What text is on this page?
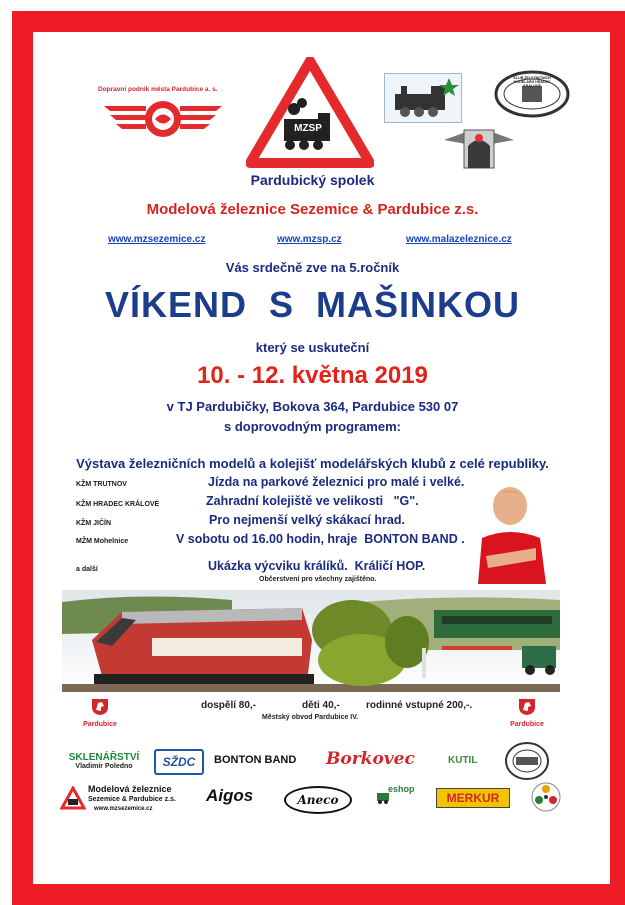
Dopravní podnik města Pardubice a. s.
MZSP
KLUB ŽELEZNIČNÍCH MODELÁŘŮ HRADEC KRÁLOVÉ
Pardubický spolek
Modelová železnice Sezemice & Pardubice z.s.
www.mzsezemice.cz	www.mzsp.cz	www.malazeleznice.cz
Vás srdečně zve na 5.ročník
VÍKEND  S  MAŠINKOU
který se uskuteční
10. - 12. května 2019
v TJ Pardubičky, Bokova 364, Pardubice 530 07
s doprovodným programem:
Výstava železničních modelů a kolejišť modelářských klubů z celé republiky.
KŽM TRUTNOV	Jízda na parkové železnici pro malé i velké.
KŽM HRADEC KRÁLOVÉ	Zahradní kolejiště ve velikosti   "G".
KŽM JIČÍN	Pro nejmenší velký skákací hrad.
MŽM Mohelnice	V sobotu od 16.00 hodin, hraje  BONTON BAND .
a další	Ukázka výcviku králíků.  Králičí HOP.
Občerstvení pro všechny zajištěno.
Pardubice	Pardubice
dospělí 80,-	děti 40,-	rodinné vstupné 200,-.
Městský obvod Pardubice IV.
SKLENÁŘSTVÍ
Vladimír Poledno	SŽDC	BONTON BAND Borkovec	KUTIL
Modelová železnice
Sezemice & Pardubice z.s.
www.mzsezemice.cz
Aigos	Aneco
eshop
MERKUR
